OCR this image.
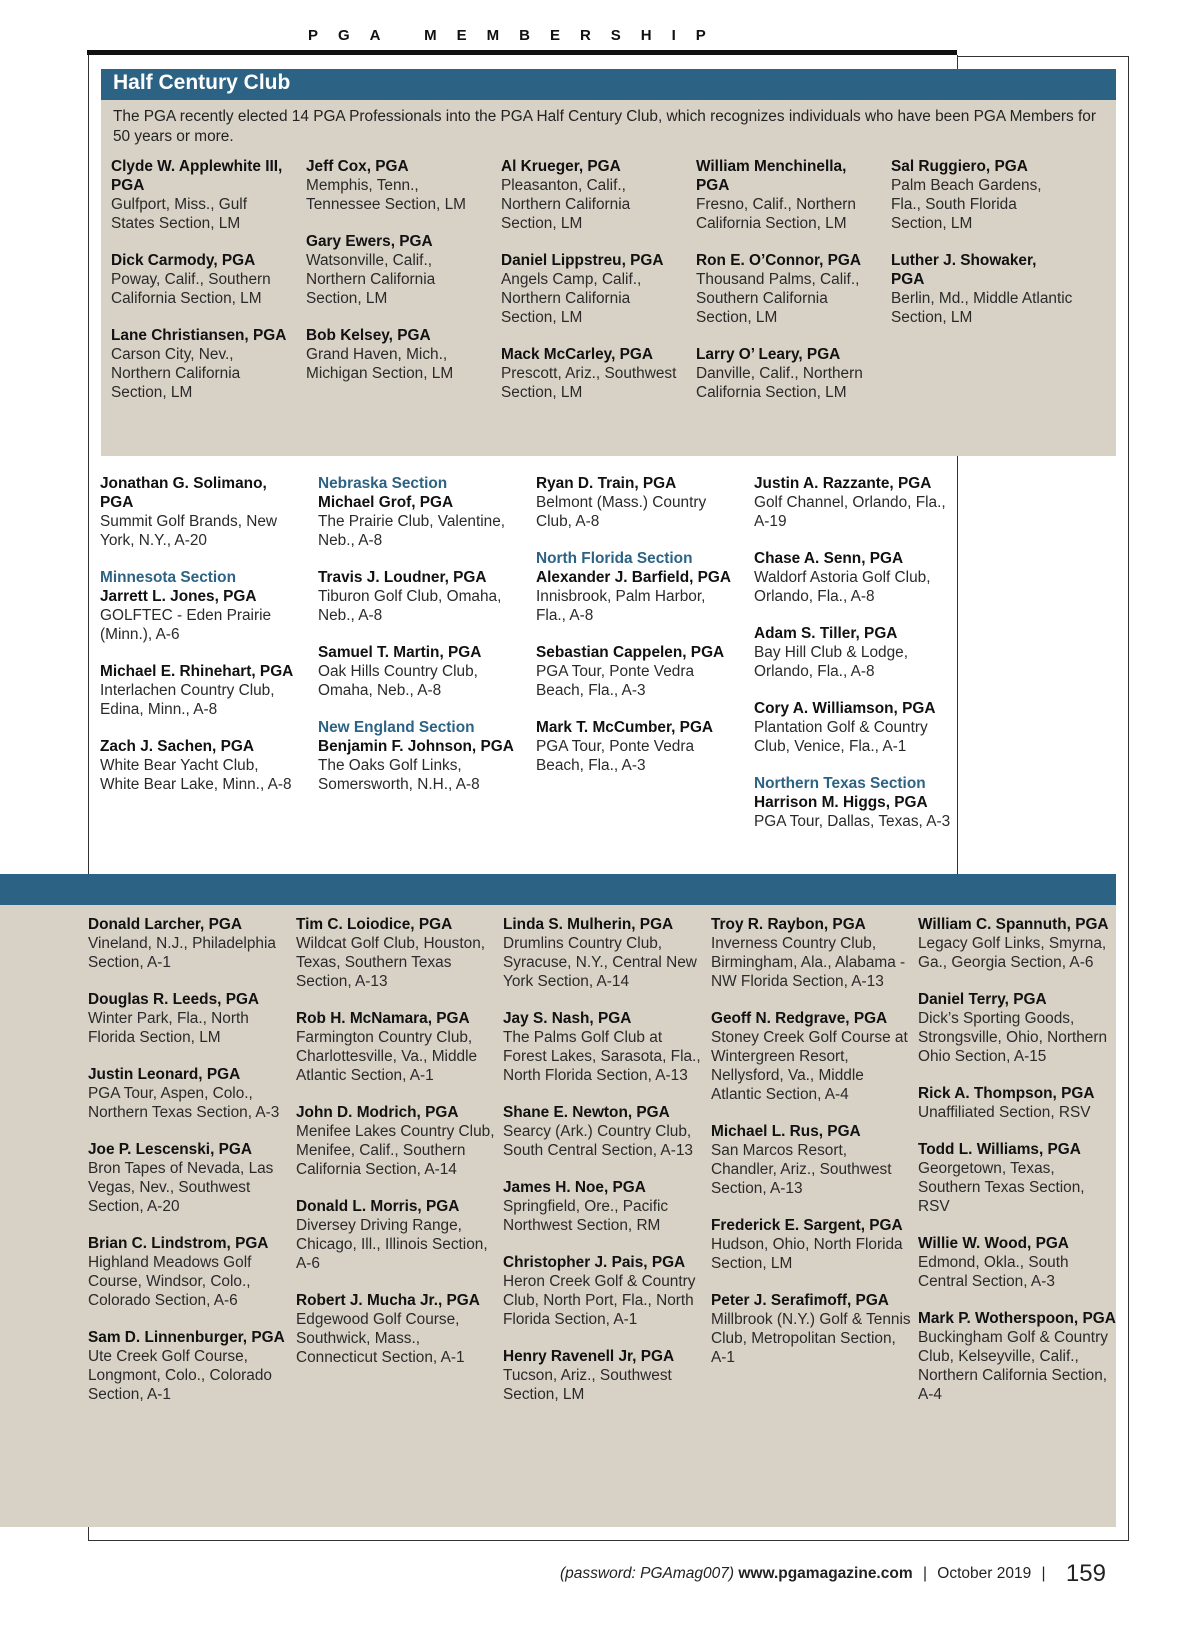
PGA MEMBERSHIP
Half Century Club

The PGA recently elected 14 PGA Professionals into the PGA Half Century Club, which recognizes individuals who have been PGA Members for 50 years or more.

Clyde W. Applewhite III, PGA
Gulfport, Miss., Gulf States Section, LM
Dick Carmody, PGA
Poway, Calif., Southern California Section, LM
Lane Christiansen, PGA
Carson City, Nev., Northern California Section, LM
Jeff Cox, PGA
Memphis, Tenn., Tennessee Section, LM
Gary Ewers, PGA
Watsonville, Calif., Northern California Section, LM
Bob Kelsey, PGA
Grand Haven, Mich., Michigan Section, LM
Al Krueger, PGA
Pleasanton, Calif., Northern California Section, LM
Daniel Lippstreu, PGA
Angels Camp, Calif., Northern California Section, LM
Mack McCarley, PGA
Prescott, Ariz., Southwest Section, LM
William Menchinella, PGA
Fresno, Calif., Northern California Section, LM
Ron E. O’Connor, PGA
Thousand Palms, Calif., Southern California Section, LM
Larry O’ Leary, PGA
Danville, Calif., Northern California Section, LM
Sal Ruggiero, PGA
Palm Beach Gardens, Fla., South Florida Section, LM
Luther J. Showaker, PGA
Berlin, Md., Middle Atlantic Section, LM
Jonathan G. Solimano, PGA
Summit Golf Brands, New York, N.Y., A-20
Minnesota Section
Jarrett L. Jones, PGA
GOLFTEC - Eden Prairie (Minn.), A-6
Michael E. Rhinehart, PGA
Interlachen Country Club, Edina, Minn., A-8
Zach J. Sachen, PGA
White Bear Yacht Club, White Bear Lake, Minn., A-8
Nebraska Section
Michael Grof, PGA
The Prairie Club, Valentine, Neb., A-8
Travis J. Loudner, PGA
Tiburon Golf Club, Omaha, Neb., A-8
Samuel T. Martin, PGA
Oak Hills Country Club, Omaha, Neb., A-8
New England Section
Benjamin F. Johnson, PGA
The Oaks Golf Links, Somersworth, N.H., A-8
Ryan D. Train, PGA
Belmont (Mass.) Country Club, A-8
North Florida Section
Alexander J. Barfield, PGA
Innisbrook, Palm Harbor, Fla., A-8
Sebastian Cappelen, PGA
PGA Tour, Ponte Vedra Beach, Fla., A-3
Mark T. McCumber, PGA
PGA Tour, Ponte Vedra Beach, Fla., A-3
Justin A. Razzante, PGA
Golf Channel, Orlando, Fla., A-19
Chase A. Senn, PGA
Waldorf Astoria Golf Club, Orlando, Fla., A-8
Adam S. Tiller, PGA
Bay Hill Club & Lodge, Orlando, Fla., A-8
Cory A. Williamson, PGA
Plantation Golf & Country Club, Venice, Fla., A-1
Northern Texas Section
Harrison M. Higgs, PGA
PGA Tour, Dallas, Texas, A-3
Donald Larcher, PGA
Vineland, N.J., Philadelphia Section, A-1
Douglas R. Leeds, PGA
Winter Park, Fla., North Florida Section, LM
Justin Leonard, PGA
PGA Tour, Aspen, Colo., Northern Texas Section, A-3
Joe P. Lescenski, PGA
Bron Tapes of Nevada, Las Vegas, Nev., Southwest Section, A-20
Brian C. Lindstrom, PGA
Highland Meadows Golf Course, Windsor, Colo., Colorado Section, A-6
Sam D. Linnenburger, PGA
Ute Creek Golf Course, Longmont, Colo., Colorado Section, A-1
Tim C. Loiodice, PGA
Wildcat Golf Club, Houston, Texas, Southern Texas Section, A-13
Rob H. McNamara, PGA
Farmington Country Club, Charlottesville, Va., Middle Atlantic Section, A-1
John D. Modrich, PGA
Menifee Lakes Country Club, Menifee, Calif., Southern California Section, A-14
Donald L. Morris, PGA
Diversey Driving Range, Chicago, Ill., Illinois Section, A-6
Robert J. Mucha Jr., PGA
Edgewood Golf Course, Southwick, Mass., Connecticut Section, A-1
Linda S. Mulherin, PGA
Drumlins Country Club, Syracuse, N.Y., Central New York Section, A-14
Jay S. Nash, PGA
The Palms Golf Club at Forest Lakes, Sarasota, Fla., North Florida Section, A-13
Shane E. Newton, PGA
Searcy (Ark.) Country Club, South Central Section, A-13
James H. Noe, PGA
Springfield, Ore., Pacific Northwest Section, RM
Christopher J. Pais, PGA
Heron Creek Golf & Country Club, North Port, Fla., North Florida Section, A-1
Henry Ravenell Jr, PGA
Tucson, Ariz., Southwest Section, LM
Troy R. Raybon, PGA
Inverness Country Club, Birmingham, Ala., Alabama - NW Florida Section, A-13
Geoff N. Redgrave, PGA
Stoney Creek Golf Course at Wintergreen Resort, Nellysford, Va., Middle Atlantic Section, A-4
Michael L. Rus, PGA
San Marcos Resort, Chandler, Ariz., Southwest Section, A-13
Frederick E. Sargent, PGA
Hudson, Ohio, North Florida Section, LM
Peter J. Serafimoff, PGA
Millbrook (N.Y.) Golf & Tennis Club, Metropolitan Section, A-1
William C. Spannuth, PGA
Legacy Golf Links, Smyrna, Ga., Georgia Section, A-6
Daniel Terry, PGA
Dick’s Sporting Goods, Strongsville, Ohio, Northern Ohio Section, A-15
Rick A. Thompson, PGA
Unaffiliated Section, RSV
Todd L. Williams, PGA
Georgetown, Texas, Southern Texas Section, RSV
Willie W. Wood, PGA
Edmond, Okla., South Central Section, A-3
Mark P. Wotherspoon, PGA
Buckingham Golf & Country Club, Kelseyville, Calif., Northern California Section, A-4
(password: PGAmag007) www.pgamagazine.com | October 2019 | 159
